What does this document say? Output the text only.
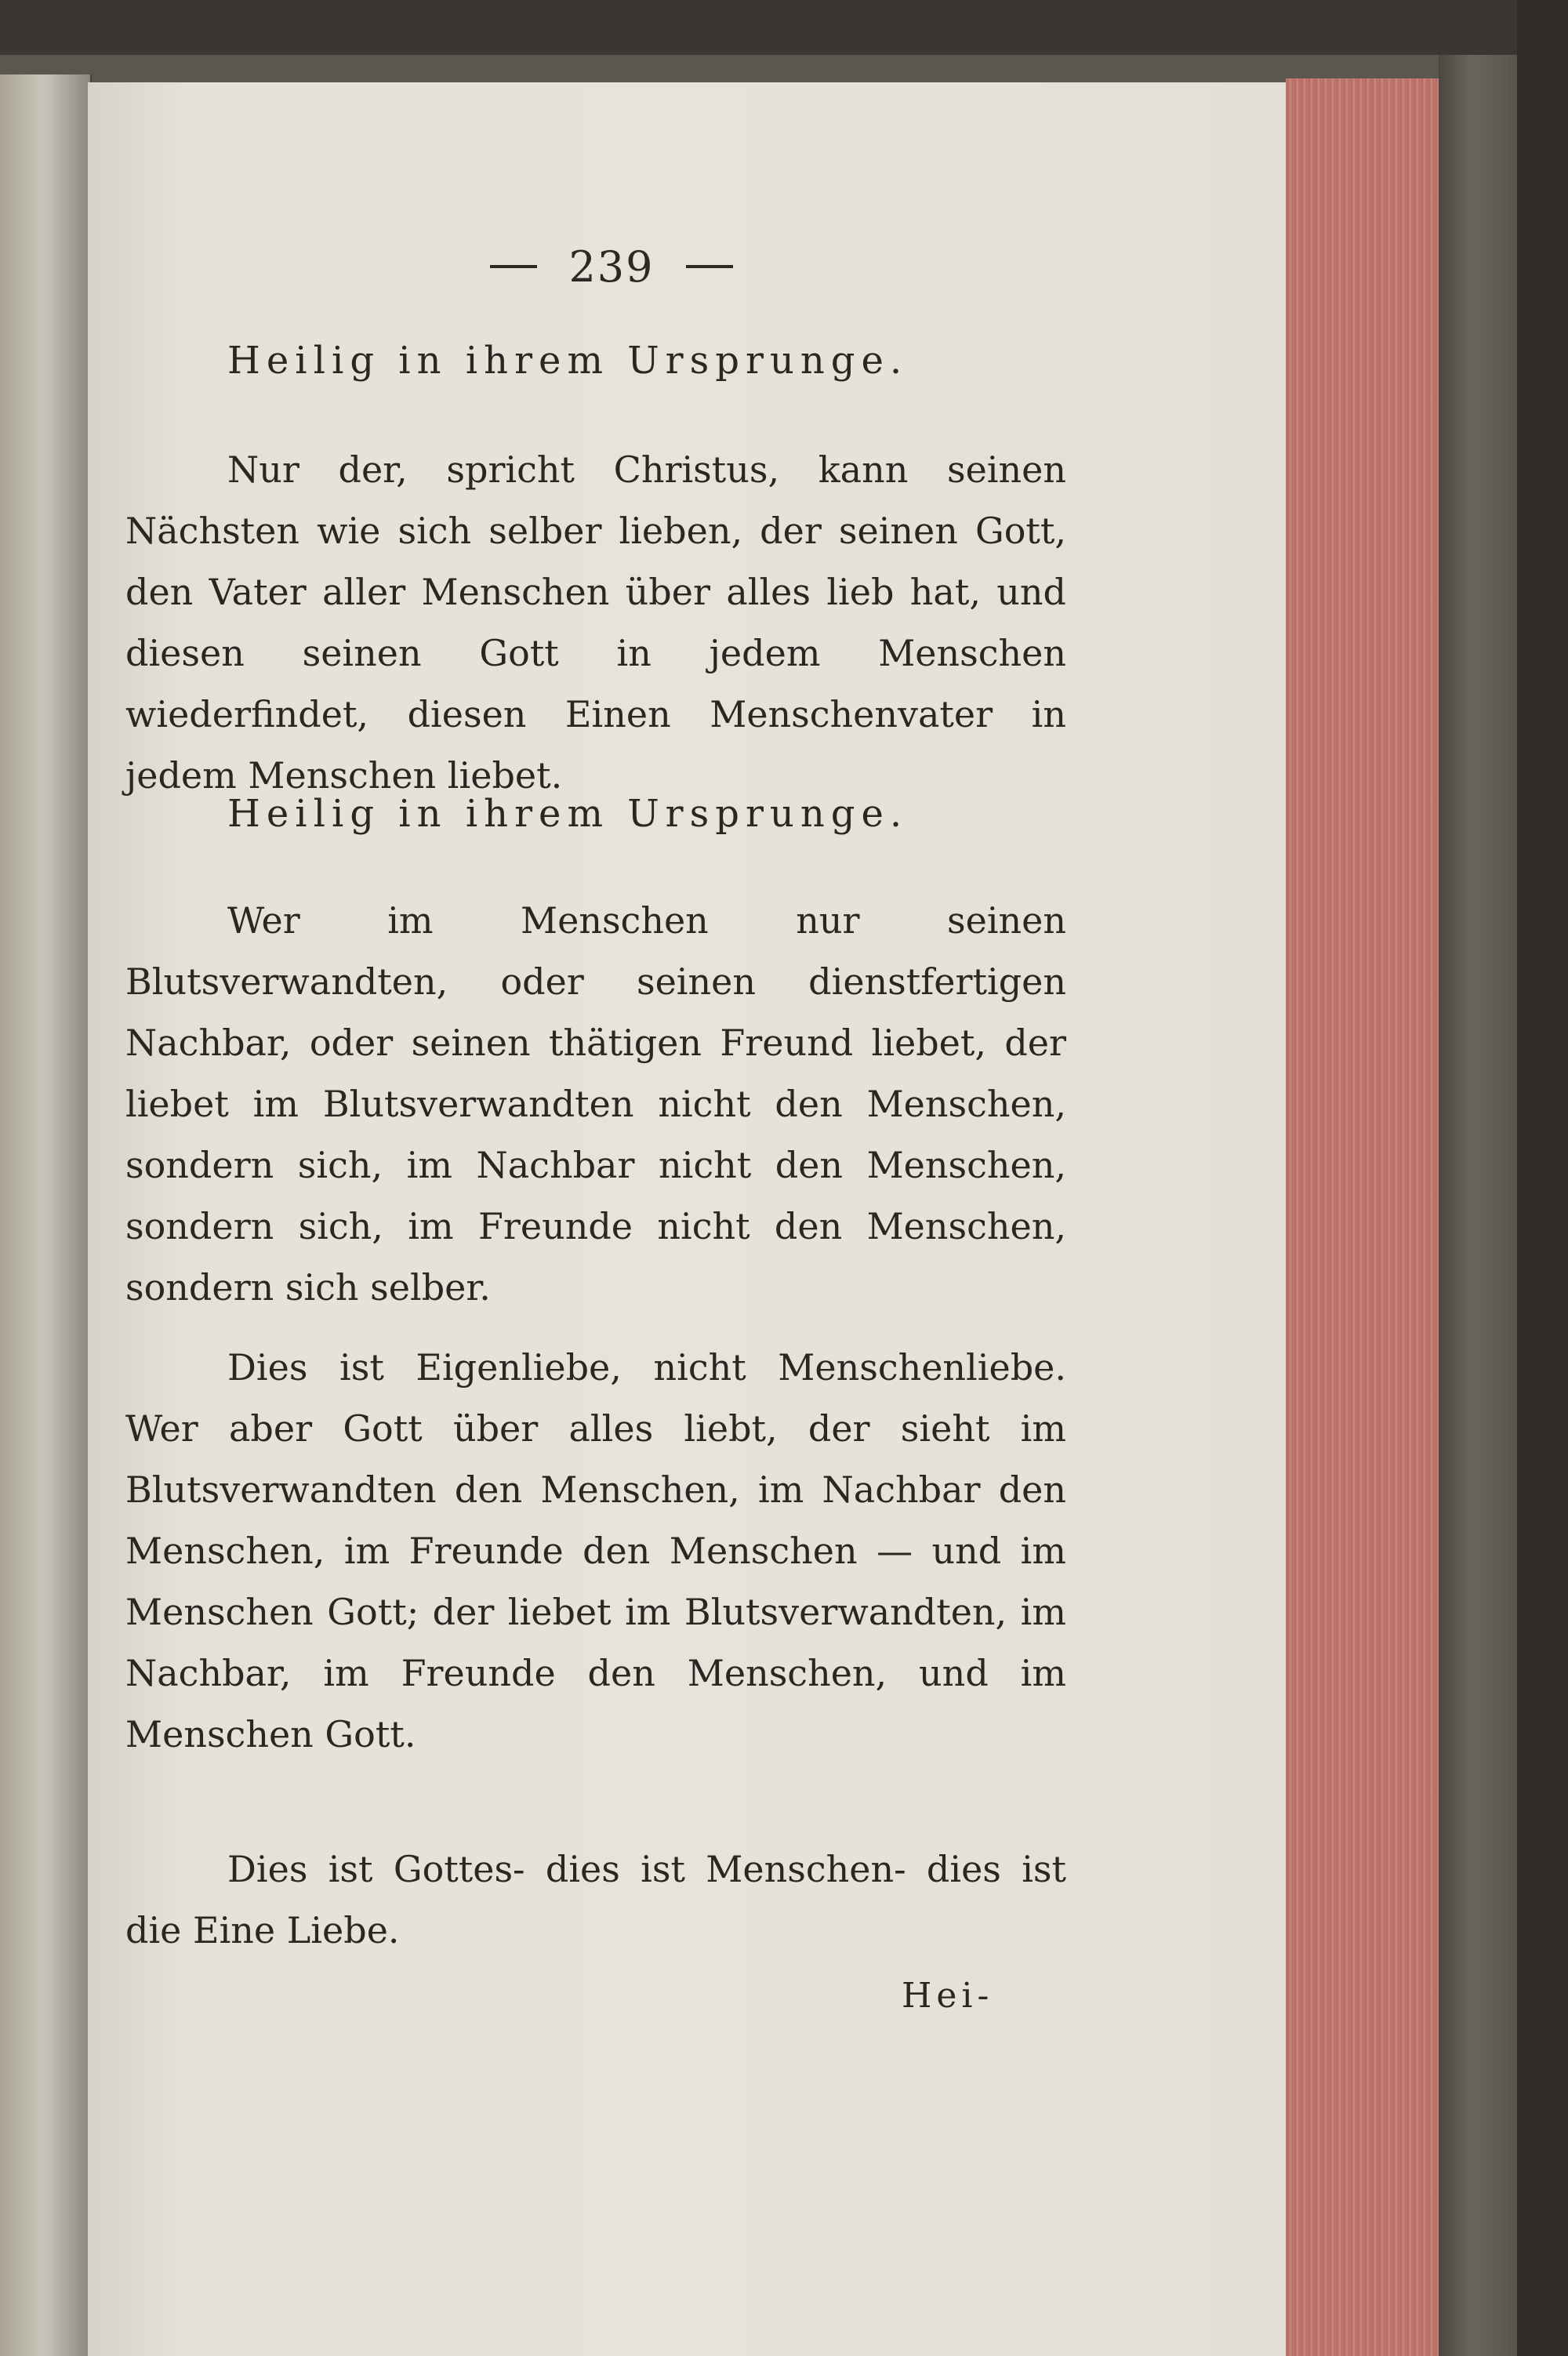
239
Heilig in ihrem Ursprunge.
Nur der, spricht Christus, kann seinen Nächsten wie sich selber lieben, der seinen Gott, den Vater aller Menschen über alles lieb hat, und diesen seinen Gott in jedem Menschen wiederfindet, diesen Einen Menschenvater in jedem Menschen liebet.
Heilig in ihrem Ursprunge.
Wer im Menschen nur seinen Blutsverwandten, oder seinen dienstfertigen Nachbar, oder seinen thätigen Freund liebet, der liebet im Blutsverwandten nicht den Menschen, sondern sich, im Nachbar nicht den Menschen, sondern sich, im Freunde nicht den Menschen, sondern sich selber.
Dies ist Eigenliebe, nicht Menschenliebe. Wer aber Gott über alles liebt, der sieht im Blutsverwandten den Menschen, im Nachbar den Menschen, im Freunde den Menschen — und im Menschen Gott; der liebet im Blutsverwandten, im Nachbar, im Freunde den Menschen, und im Menschen Gott.
Dies ist Gottes- dies ist Menschen- dies ist die Eine Liebe.
Hei-
